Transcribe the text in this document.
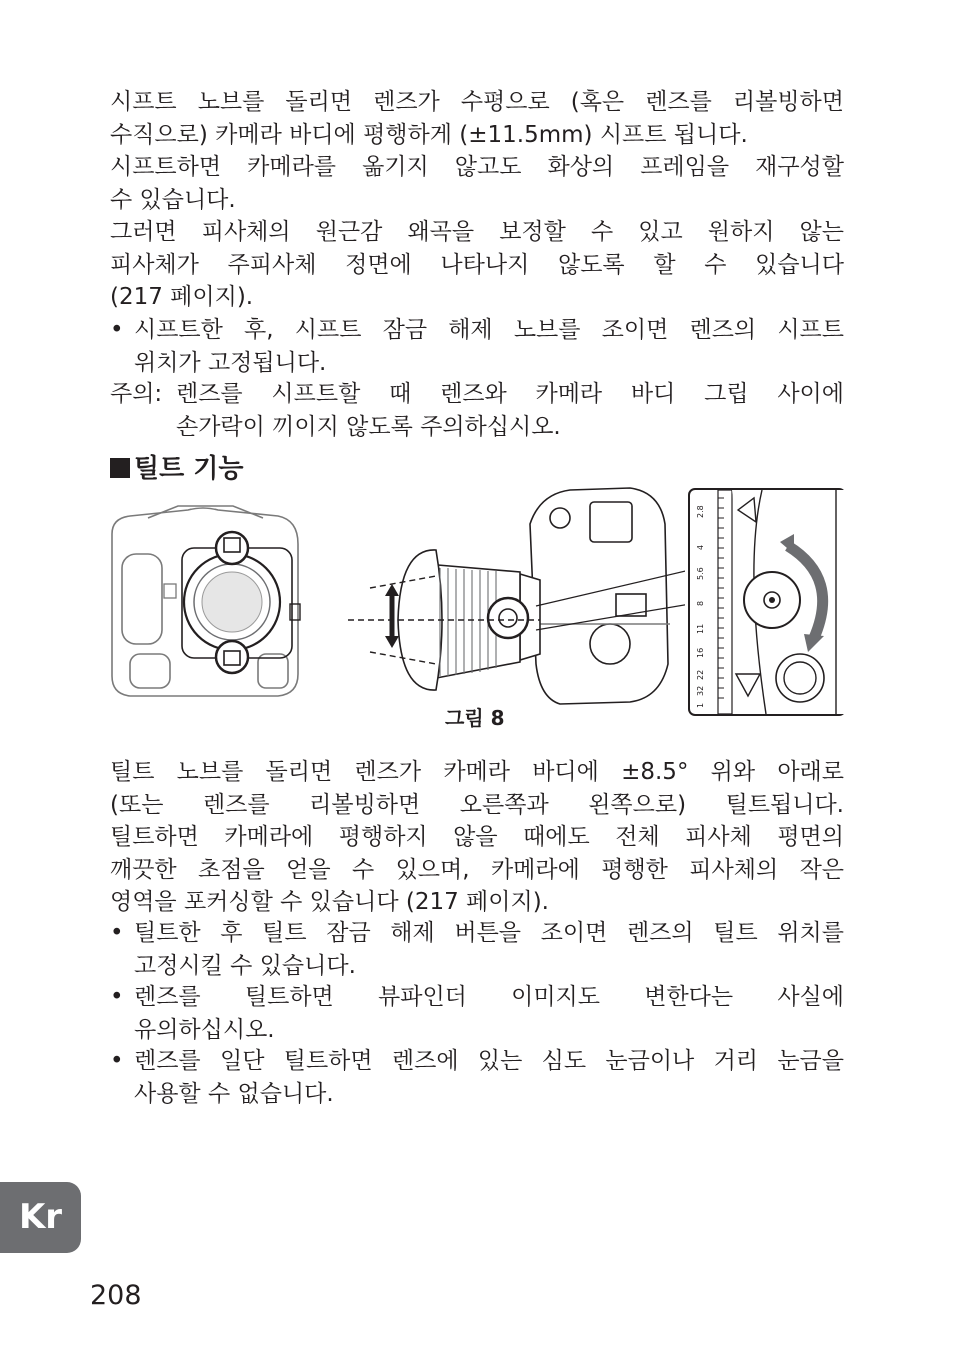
시프트 노브를 돌리면 렌즈가 수평으로 (혹은 렌즈를 리볼빙하면
수직으로) 카메라 바디에 평행하게 (±11.5mm) 시프트 됩니다.

시프트하면 카메라를 옮기지 않고도 화상의 프레임을 재구성할
수 있습니다.

그러면 피사체의 원근감 왜곡을 보정할 수 있고 원하지 않는
피사체가 주피사체 정면에 나타나지 않도록 할 수 있습니다
(217 페이지).

• 시프트한 후, 시프트 잠금 해제 노브를 조이면 렌즈의 시프트
위치가 고정됩니다.
주의: 렌즈를 시프트할 때 렌즈와 카메라 바디 그립 사이에
손가락이 끼이지 않도록 주의하십시오.
틸트 기능
1
32
22
16
11
8
5.6
4
2.8
그림 8

틸트 노브를 돌리면 렌즈가 카메라 바디에 ±8.5° 위와 아래로
(또는 렌즈를 리볼빙하면 오른쪽과 왼쪽으로) 틸트됩니다.

틸트하면 카메라에 평행하지 않을 때에도 전체 피사체 평면의
깨끗한 초점을 얻을 수 있으며, 카메라에 평행한 피사체의 작은
영역을 포커싱할 수 있습니다 (217 페이지).

• 틸트한 후 틸트 잠금 해제 버튼을 조이면 렌즈의 틸트 위치를
고정시킬 수 있습니다.
• 렌즈를 틸트하면 뷰파인더 이미지도 변한다는 사실에
유의하십시오.
• 렌즈를 일단 틸트하면 렌즈에 있는 심도 눈금이나 거리 눈금을
사용할 수 없습니다.
Kr
208
